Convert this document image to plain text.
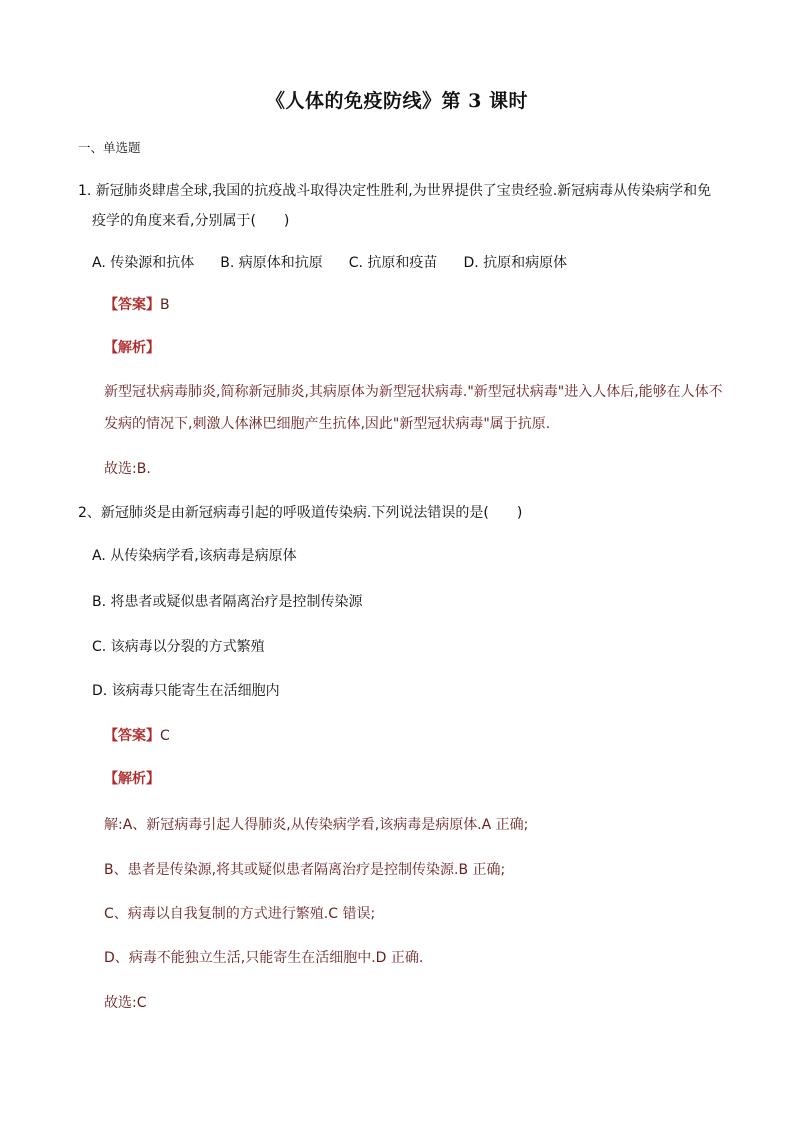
《人体的免疫防线》第 3 课时
一、单选题
1. 新冠肺炎肆虐全球,我国的抗疫战斗取得决定性胜利,为世界提供了宝贵经验.新冠病毒从传染病学和免
疫学的角度来看,分别属于(　　)
A. 传染源和抗体 B. 病原体和抗原 C. 抗原和疫苗 D. 抗原和病原体
【答案】B
【解析】
新型冠状病毒肺炎,简称新冠肺炎,其病原体为新型冠状病毒."新型冠状病毒"进入人体后,能够在人体不
发病的情况下,刺激人体淋巴细胞产生抗体,因此"新型冠状病毒"属于抗原.
故选:B.
2、新冠肺炎是由新冠病毒引起的呼吸道传染病.下列说法错误的是(　　)
A. 从传染病学看,该病毒是病原体
B. 将患者或疑似患者隔离治疗是控制传染源
C. 该病毒以分裂的方式繁殖
D. 该病毒只能寄生在活细胞内
【答案】C
【解析】
解:A、新冠病毒引起人得肺炎,从传染病学看,该病毒是病原体.A 正确;
B、患者是传染源,将其或疑似患者隔离治疗是控制传染源.B 正确;
C、病毒以自我复制的方式进行繁殖.C 错误;
D、病毒不能独立生活,只能寄生在活细胞中.D 正确.
故选:C
